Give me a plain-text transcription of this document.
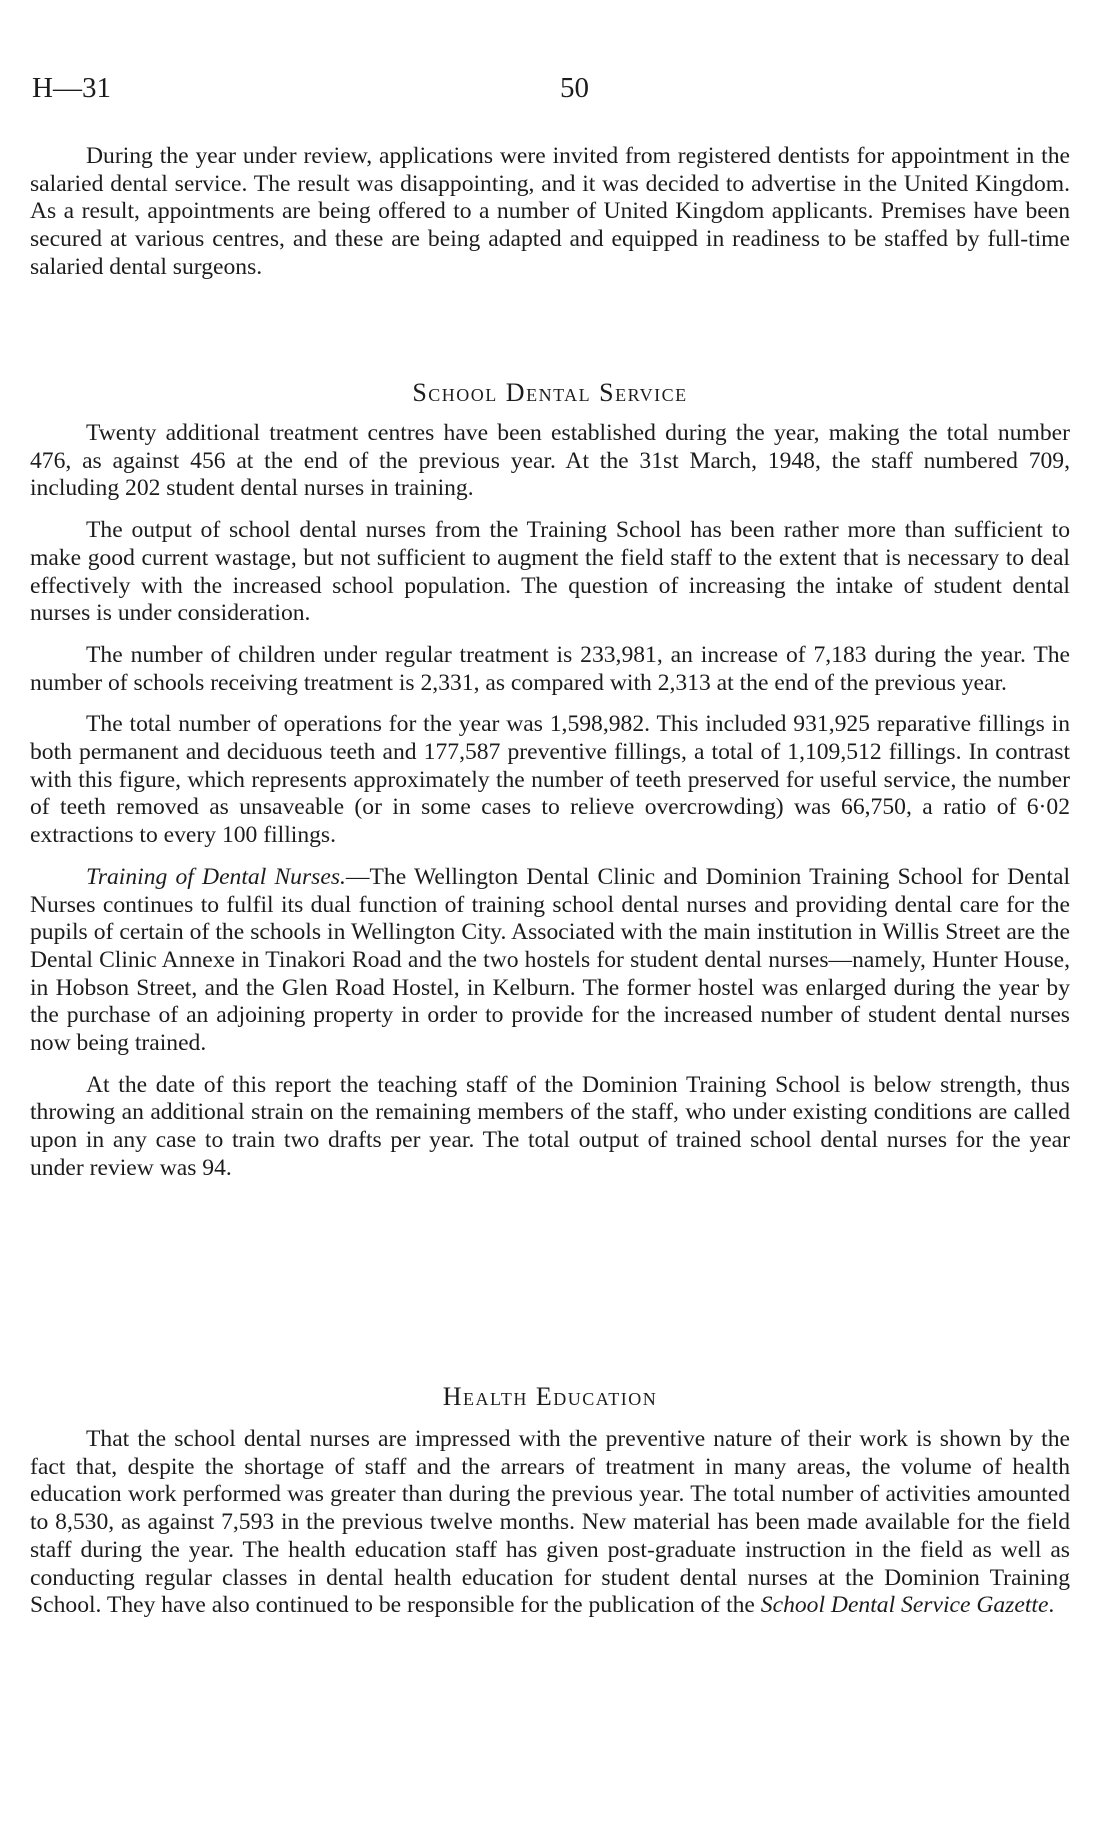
H—31	50

During the year under review, applications were invited from registered dentists for appointment in the salaried dental service. The result was disappointing, and it was decided to advertise in the United Kingdom. As a result, appointments are being offered to a number of United Kingdom applicants. Premises have been secured at various centres, and these are being adapted and equipped in readiness to be staffed by full-time salaried dental surgeons.

School Dental Service

Twenty additional treatment centres have been established during the year, making the total number 476, as against 456 at the end of the previous year. At the 31st March, 1948, the staff numbered 709, including 202 student dental nurses in training.

The output of school dental nurses from the Training School has been rather more than sufficient to make good current wastage, but not sufficient to augment the field staff to the extent that is necessary to deal effectively with the increased school population. The question of increasing the intake of student dental nurses is under consideration.

The number of children under regular treatment is 233,981, an increase of 7,183 during the year. The number of schools receiving treatment is 2,331, as compared with 2,313 at the end of the previous year.

The total number of operations for the year was 1,598,982. This included 931,925 reparative fillings in both permanent and deciduous teeth and 177,587 preventive fillings, a total of 1,109,512 fillings. In contrast with this figure, which represents approximately the number of teeth preserved for useful service, the number of teeth removed as unsaveable (or in some cases to relieve overcrowding) was 66,750, a ratio of 6·02 extractions to every 100 fillings.

Training of Dental Nurses.—The Wellington Dental Clinic and Dominion Training School for Dental Nurses continues to fulfil its dual function of training school dental nurses and providing dental care for the pupils of certain of the schools in Wellington City. Associated with the main institution in Willis Street are the Dental Clinic Annexe in Tinakori Road and the two hostels for student dental nurses—namely, Hunter House, in Hobson Street, and the Glen Road Hostel, in Kelburn. The former hostel was enlarged during the year by the purchase of an adjoining property in order to provide for the increased number of student dental nurses now being trained.

At the date of this report the teaching staff of the Dominion Training School is below strength, thus throwing an additional strain on the remaining members of the staff, who under existing conditions are called upon in any case to train two drafts per year. The total output of trained school dental nurses for the year under review was 94.

Health Education

That the school dental nurses are impressed with the preventive nature of their work is shown by the fact that, despite the shortage of staff and the arrears of treatment in many areas, the volume of health education work performed was greater than during the previous year. The total number of activities amounted to 8,530, as against 7,593 in the previous twelve months. New material has been made available for the field staff during the year. The health education staff has given post-graduate instruction in the field as well as conducting regular classes in dental health education for student dental nurses at the Dominion Training School. They have also continued to be responsible for the publication of the School Dental Service Gazette.
